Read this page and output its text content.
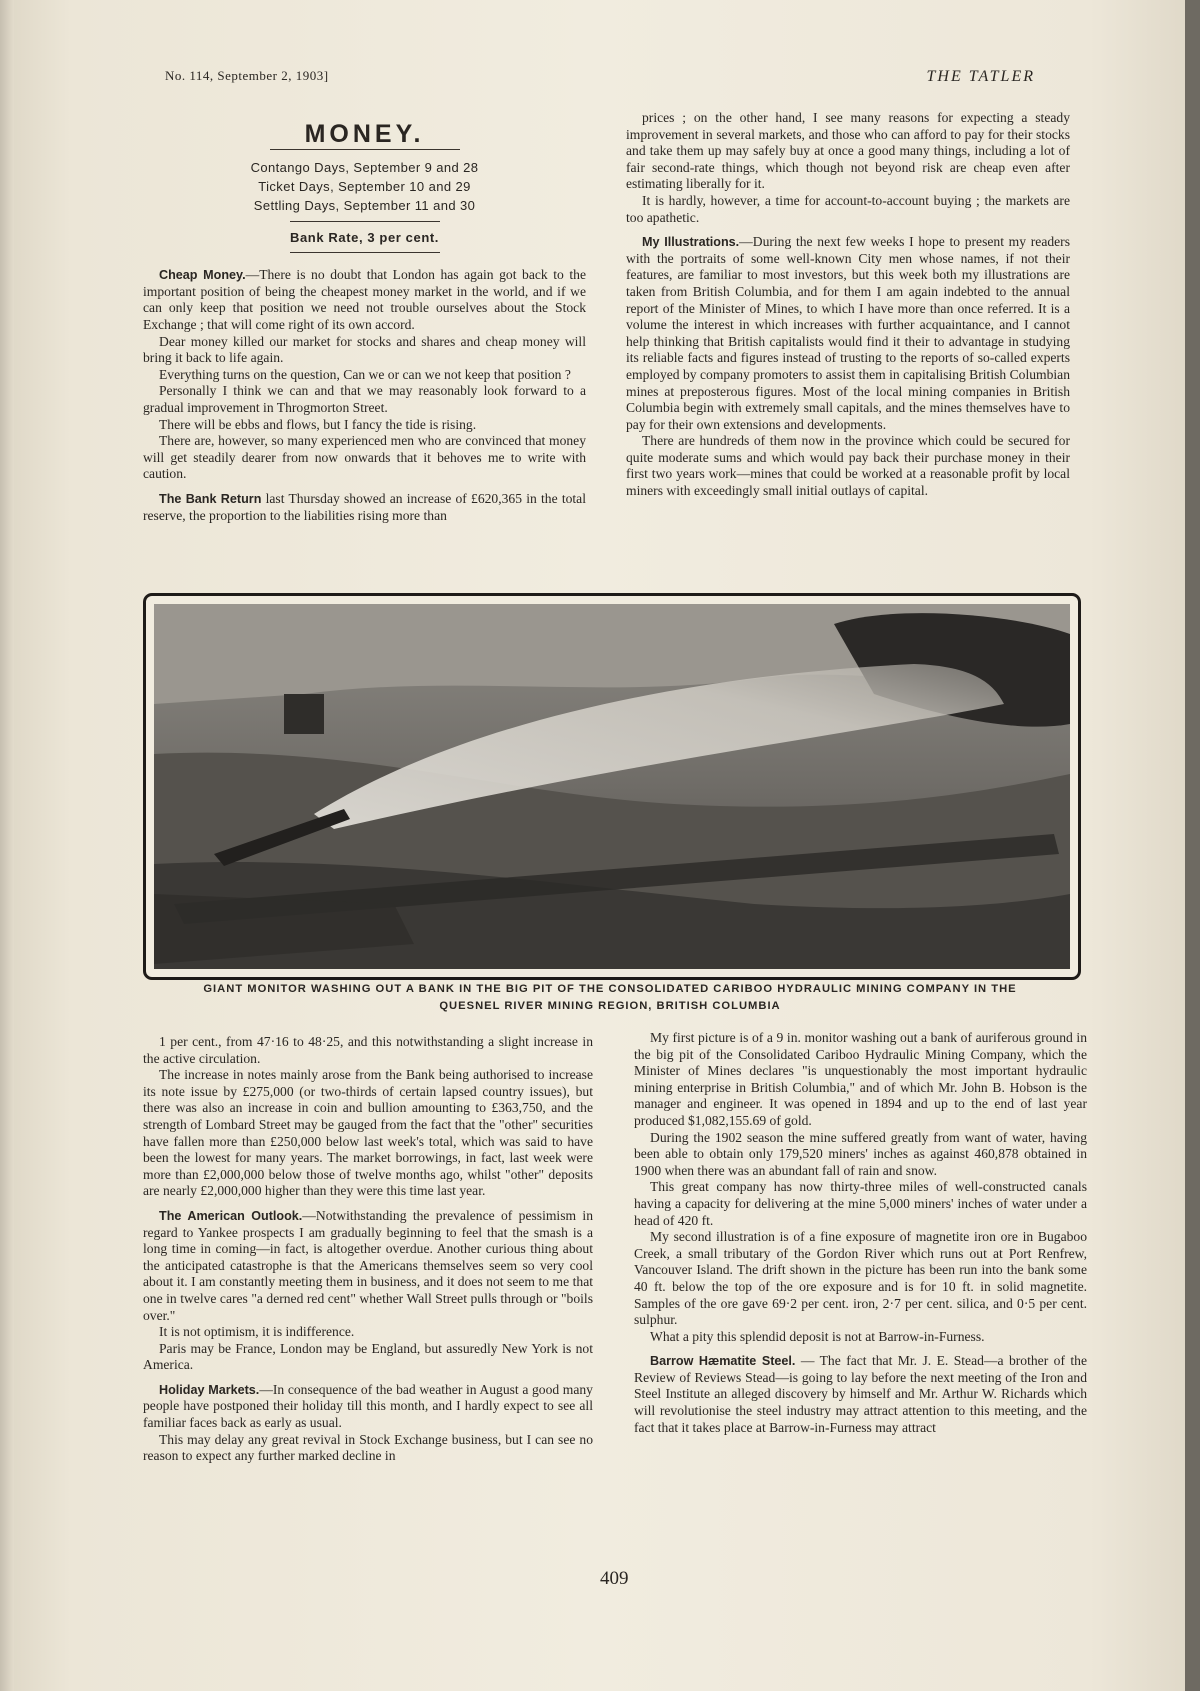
No. 114, September 2, 1903]	THE TATLER
MONEY.
Contango Days, September 9 and 28
Ticket Days, September 10 and 29
Settling Days, September 11 and 30
Bank Rate, 3 per cent.

Cheap Money.—There is no doubt that London has again got back to the important position of being the cheapest money market in the world, and if we can only keep that position we need not trouble ourselves about the Stock Exchange ; that will come right of its own accord.

Dear money killed our market for stocks and shares and cheap money will bring it back to life again.

Everything turns on the question, Can we or can we not keep that position ?

Personally I think we can and that we may reasonably look forward to a gradual improvement in Throgmorton Street.

There will be ebbs and flows, but I fancy the tide is rising.

There are, however, so many experienced men who are convinced that money will get steadily dearer from now onwards that it behoves me to write with caution.

The Bank Return last Thursday showed an increase of £620,365 in the total reserve, the proportion to the liabilities rising more than

prices ; on the other hand, I see many reasons for expecting a steady improvement in several markets, and those who can afford to pay for their stocks and take them up may safely buy at once a good many things, including a lot of fair second-rate things, which though not beyond risk are cheap even after estimating liberally for it.

It is hardly, however, a time for account-to-account buying ; the markets are too apathetic.

My Illustrations.—During the next few weeks I hope to present my readers with the portraits of some well-known City men whose names, if not their features, are familiar to most investors, but this week both my illustrations are taken from British Columbia, and for them I am again indebted to the annual report of the Minister of Mines, to which I have more than once referred. It is a volume the interest in which increases with further acquaintance, and I cannot help thinking that British capitalists would find it their to advantage in studying its reliable facts and figures instead of trusting to the reports of so-called experts employed by company promoters to assist them in capitalising British Columbian mines at preposterous figures. Most of the local mining companies in British Columbia begin with extremely small capitals, and the mines themselves have to pay for their own extensions and developments.

There are hundreds of them now in the province which could be secured for quite moderate sums and which would pay back their purchase money in their first two years work—mines that could be worked at a reasonable profit by local miners with exceedingly small initial outlays of capital.

GIANT MONITOR WASHING OUT A BANK IN THE BIG PIT OF THE CONSOLIDATED CARIBOO HYDRAULIC MINING COMPANY IN THE
QUESNEL RIVER MINING REGION, BRITISH COLUMBIA

1 per cent., from 47·16 to 48·25, and this notwithstanding a slight increase in the active circulation.

The increase in notes mainly arose from the Bank being authorised to increase its note issue by £275,000 (or two-thirds of certain lapsed country issues), but there was also an increase in coin and bullion amounting to £363,750, and the strength of Lombard Street may be gauged from the fact that the "other" securities have fallen more than £250,000 below last week's total, which was said to have been the lowest for many years. The market borrowings, in fact, last week were more than £2,000,000 below those of twelve months ago, whilst "other" deposits are nearly £2,000,000 higher than they were this time last year.

The American Outlook.—Notwithstanding the prevalence of pessimism in regard to Yankee prospects I am gradually beginning to feel that the smash is a long time in coming—in fact, is altogether overdue. Another curious thing about the anticipated catastrophe is that the Americans themselves seem so very cool about it. I am constantly meeting them in business, and it does not seem to me that one in twelve cares "a derned red cent" whether Wall Street pulls through or "boils over."

It is not optimism, it is indifference.

Paris may be France, London may be England, but assuredly New York is not America.

Holiday Markets.—In consequence of the bad weather in August a good many people have postponed their holiday till this month, and I hardly expect to see all familiar faces back as early as usual.

This may delay any great revival in Stock Exchange business, but I can see no reason to expect any further marked decline in

My first picture is of a 9 in. monitor washing out a bank of auriferous ground in the big pit of the Consolidated Cariboo Hydraulic Mining Company, which the Minister of Mines declares "is unquestionably the most important hydraulic mining enterprise in British Columbia," and of which Mr. John B. Hobson is the manager and engineer. It was opened in 1894 and up to the end of last year produced $1,082,155.69 of gold.

During the 1902 season the mine suffered greatly from want of water, having been able to obtain only 179,520 miners' inches as against 460,878 obtained in 1900 when there was an abundant fall of rain and snow.

This great company has now thirty-three miles of well-constructed canals having a capacity for delivering at the mine 5,000 miners' inches of water under a head of 420 ft.

My second illustration is of a fine exposure of magnetite iron ore in Bugaboo Creek, a small tributary of the Gordon River which runs out at Port Renfrew, Vancouver Island. The drift shown in the picture has been run into the bank some 40 ft. below the top of the ore exposure and is for 10 ft. in solid magnetite. Samples of the ore gave 69·2 per cent. iron, 2·7 per cent. silica, and 0·5 per cent. sulphur.

What a pity this splendid deposit is not at Barrow-in-Furness.

Barrow Hæmatite Steel. — The fact that Mr. J. E. Stead—a brother of the Review of Reviews Stead—is going to lay before the next meeting of the Iron and Steel Institute an alleged discovery by himself and Mr. Arthur W. Richards which will revolutionise the steel industry may attract attention to this meeting, and the fact that it takes place at Barrow-in-Furness may attract

409
